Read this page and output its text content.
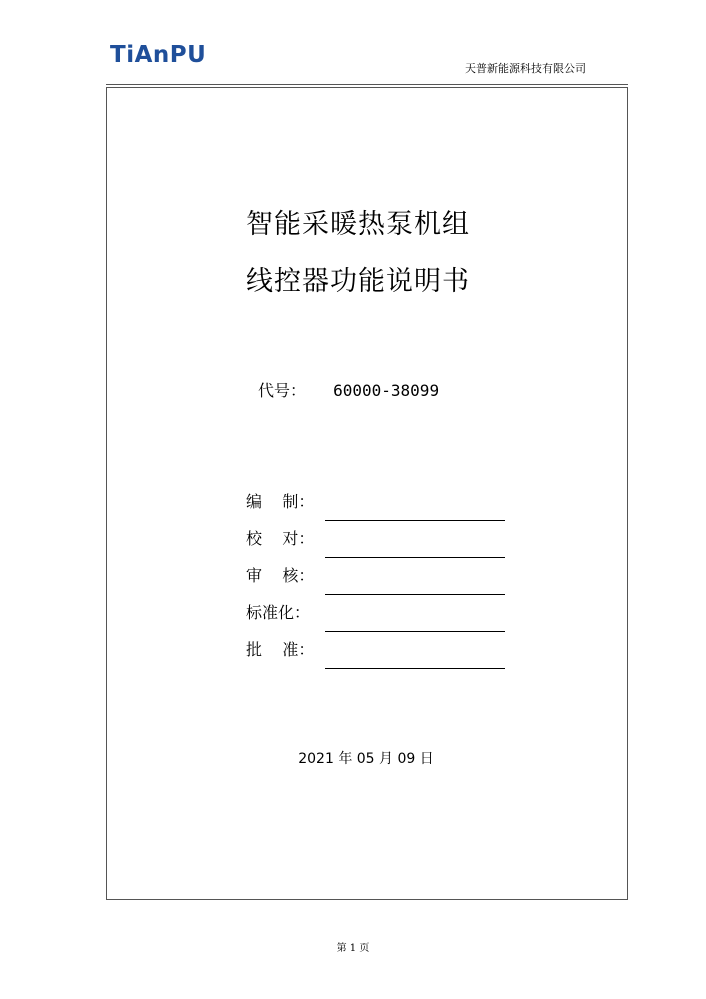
TiAnPU
天普新能源科技有限公司
智能采暖热泵机组
线控器功能说明书
代号： 60000-38099
编    制：
校    对：
审    核：
标准化：
批    准：
2021 年 05 月 09 日
第 1 页
